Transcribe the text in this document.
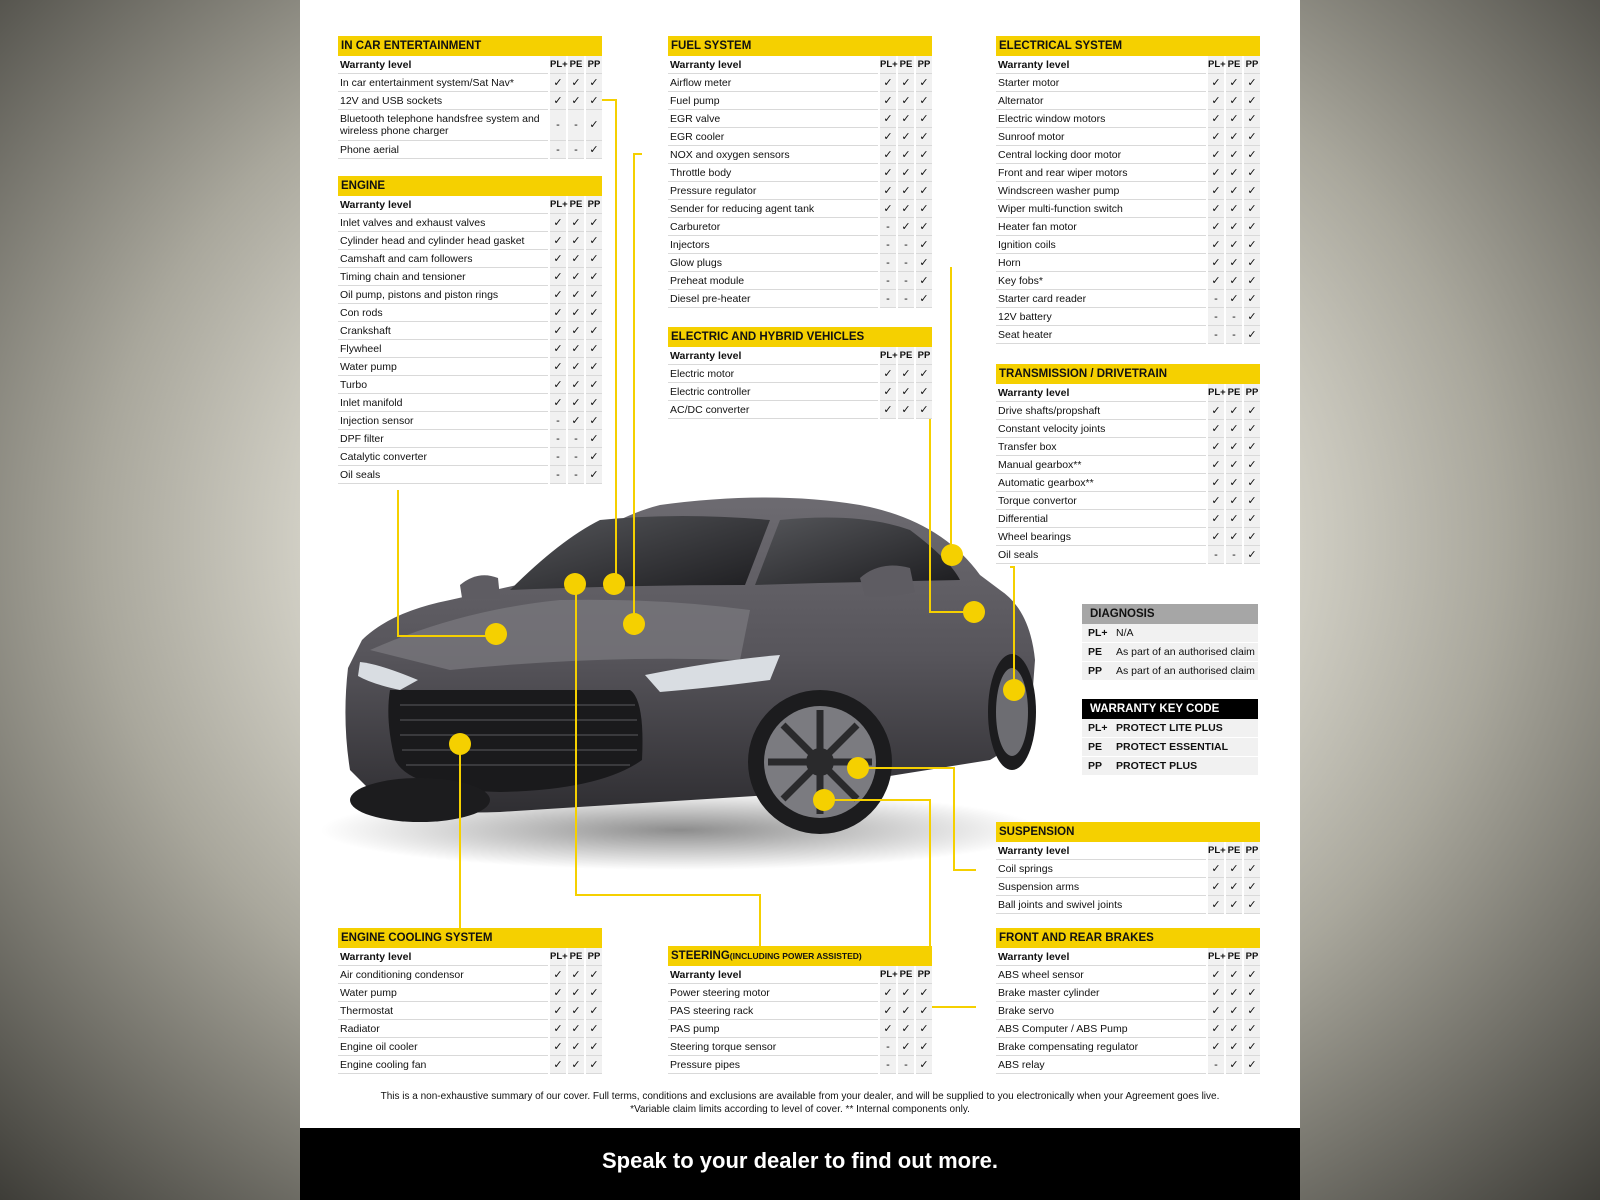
IN CAR ENTERTAINMENT
Warranty level	PL+	PE	PP
In car entertainment system/Sat Nav*	✓	✓	✓
12V and USB sockets	✓	✓	✓
Bluetooth telephone handsfree system and wireless phone charger	-	-	✓
Phone aerial	-	-	✓
ENGINE
Warranty level	PL+	PE	PP
Inlet valves and exhaust valves	✓	✓	✓
Cylinder head and cylinder head gasket	✓	✓	✓
Camshaft and cam followers	✓	✓	✓
Timing chain and tensioner	✓	✓	✓
Oil pump, pistons and piston rings	✓	✓	✓
Con rods	✓	✓	✓
Crankshaft	✓	✓	✓
Flywheel	✓	✓	✓
Water pump	✓	✓	✓
Turbo	✓	✓	✓
Inlet manifold	✓	✓	✓
Injection sensor	-	✓	✓
DPF filter	-	-	✓
Catalytic converter	-	-	✓
Oil seals	-	-	✓
FUEL SYSTEM
Warranty level	PL+	PE	PP
Airflow meter	✓	✓	✓
Fuel pump	✓	✓	✓
EGR valve	✓	✓	✓
EGR cooler	✓	✓	✓
NOX and oxygen sensors	✓	✓	✓
Throttle body	✓	✓	✓
Pressure regulator	✓	✓	✓
Sender for reducing agent tank	✓	✓	✓
Carburetor	-	✓	✓
Injectors	-	-	✓
Glow plugs	-	-	✓
Preheat module	-	-	✓
Diesel pre-heater	-	-	✓
ELECTRIC AND HYBRID VEHICLES
Warranty level	PL+	PE	PP
Electric motor	✓	✓	✓
Electric controller	✓	✓	✓
AC/DC converter	✓	✓	✓
ELECTRICAL SYSTEM
Warranty level	PL+	PE	PP
Starter motor	✓	✓	✓
Alternator	✓	✓	✓
Electric window motors	✓	✓	✓
Sunroof motor	✓	✓	✓
Central locking door motor	✓	✓	✓
Front and rear wiper motors	✓	✓	✓
Windscreen washer pump	✓	✓	✓
Wiper multi-function switch	✓	✓	✓
Heater fan motor	✓	✓	✓
Ignition coils	✓	✓	✓
Horn	✓	✓	✓
Key fobs*	✓	✓	✓
Starter card reader	-	✓	✓
12V battery	-	-	✓
Seat heater	-	-	✓
TRANSMISSION / DRIVETRAIN
Warranty level	PL+	PE	PP
Drive shafts/propshaft	✓	✓	✓
Constant velocity joints	✓	✓	✓
Transfer box	✓	✓	✓
Manual gearbox**	✓	✓	✓
Automatic gearbox**	✓	✓	✓
Torque convertor	✓	✓	✓
Differential	✓	✓	✓
Wheel bearings	✓	✓	✓
Oil seals	-	-	✓
SUSPENSION
Warranty level	PL+	PE	PP
Coil springs	✓	✓	✓
Suspension arms	✓	✓	✓
Ball joints and swivel joints	✓	✓	✓
ENGINE COOLING SYSTEM
Warranty level	PL+	PE	PP
Air conditioning condensor	✓	✓	✓
Water pump	✓	✓	✓
Thermostat	✓	✓	✓
Radiator	✓	✓	✓
Engine oil cooler	✓	✓	✓
Engine cooling fan	✓	✓	✓
STEERING(INCLUDING POWER ASSISTED)
Warranty level	PL+	PE	PP
Power steering motor	✓	✓	✓
PAS steering rack	✓	✓	✓
PAS pump	✓	✓	✓
Steering torque sensor	-	✓	✓
Pressure pipes	-	-	✓
FRONT AND REAR BRAKES
Warranty level	PL+	PE	PP
ABS wheel sensor	✓	✓	✓
Brake master cylinder	✓	✓	✓
Brake servo	✓	✓	✓
ABS Computer / ABS Pump	✓	✓	✓
Brake compensating regulator	✓	✓	✓
ABS relay	-	✓	✓
DIAGNOSIS
PL+	N/A
PE	As part of an authorised claim
PP	As part of an authorised claim
WARRANTY KEY CODE
PL+	PROTECT LITE PLUS
PE	PROTECT ESSENTIAL
PP	PROTECT PLUS
This is a non-exhaustive summary of our cover. Full terms, conditions and exclusions are available from your dealer, and will be supplied to you electronically when your Agreement goes live.
*Variable claim limits according to level of cover. ** Internal components only.
Speak to your dealer to find out more.
